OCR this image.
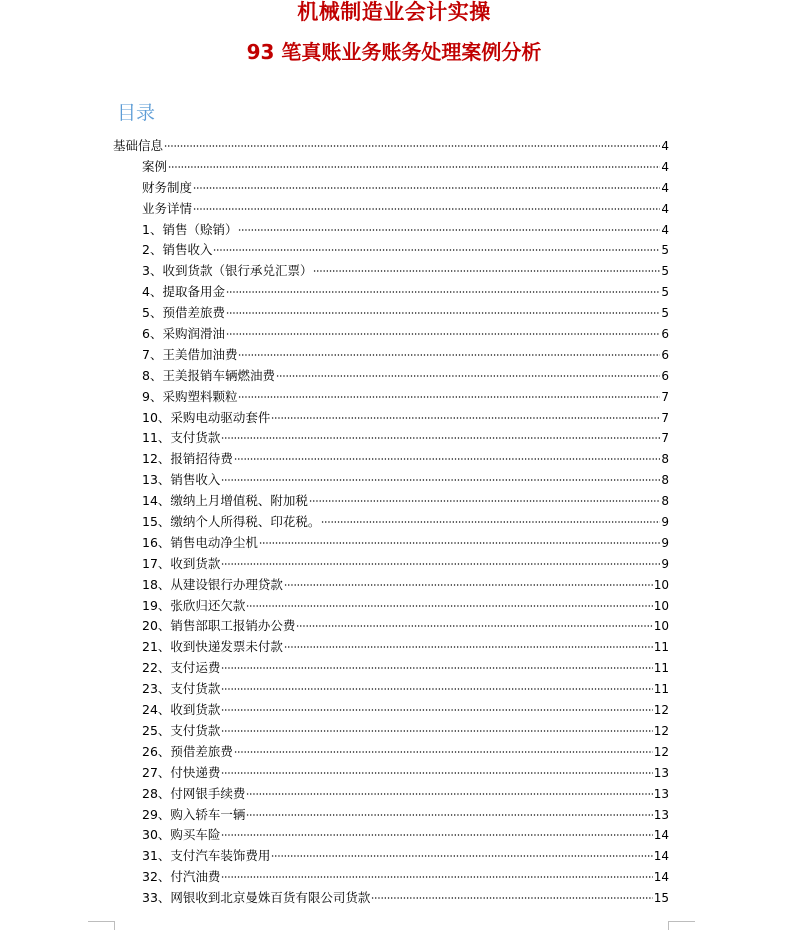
机械制造业会计实操
93 笔真账业务账务处理案例分析
目录
基础信息	4
案例	4
财务制度	4
业务详情	4
1、销售（赊销）	4
2、销售收入	5
3、收到货款（银行承兑汇票）	5
4、提取备用金	5
5、预借差旅费	5
6、采购润滑油	6
7、王美借加油费	6
8、王美报销车辆燃油费	6
9、采购塑料颗粒	7
10、采购电动驱动套件	7
11、支付货款	7
12、报销招待费	8
13、销售收入	8
14、缴纳上月增值税、附加税	8
15、缴纳个人所得税、印花税。	9
16、销售电动净尘机	9
17、收到货款	9
18、从建设银行办理贷款	10
19、张欣归还欠款	10
20、销售部职工报销办公费	10
21、收到快递发票未付款	11
22、支付运费	11
23、支付货款	11
24、收到货款	12
25、支付货款	12
26、预借差旅费	12
27、付快递费	13
28、付网银手续费	13
29、购入轿车一辆	13
30、购买车险	14
31、支付汽车装饰费用	14
32、付汽油费	14
33、网银收到北京曼姝百货有限公司货款	15
